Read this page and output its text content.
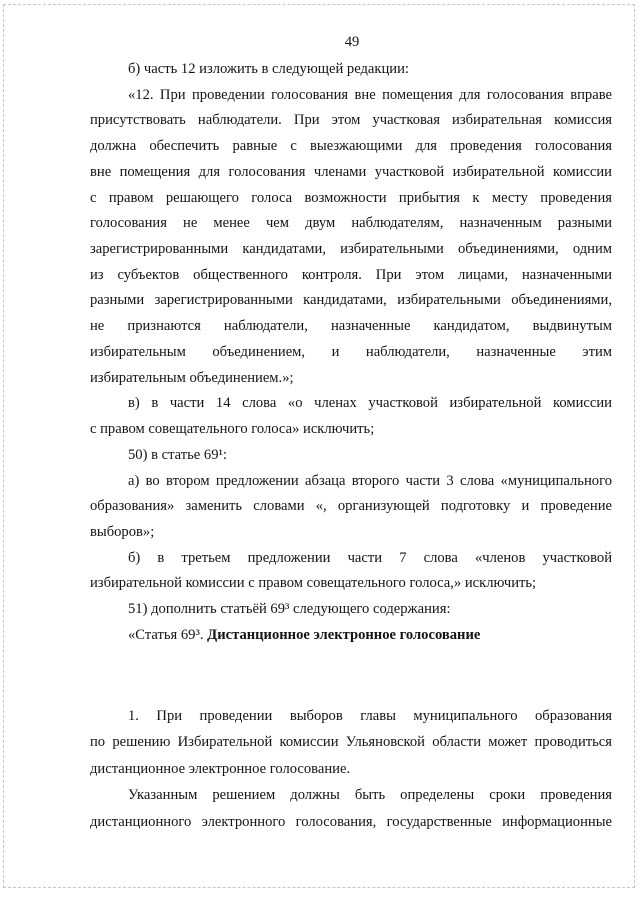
49
б) часть 12 изложить в следующей редакции:
«12. При проведении голосования вне помещения для голосования вправе
присутствовать наблюдатели. При этом участковая избирательная комиссия
должна обеспечить равные с выезжающими для проведения голосования
вне помещения для голосования членами участковой избирательной комиссии
с правом решающего голоса возможности прибытия к месту проведения
голосования не менее чем двум наблюдателям, назначенным разными
зарегистрированными кандидатами, избирательными объединениями, одним
из субъектов общественного контроля. При этом лицами, назначенными
разными зарегистрированными кандидатами, избирательными объединениями,
не признаются наблюдатели, назначенные кандидатом, выдвинутым
избирательным объединением, и наблюдатели, назначенные этим
избирательным объединением.»;
в) в части 14 слова «о членах участковой избирательной комиссии
с правом совещательного голоса» исключить;
50) в статье 69¹:
а) во втором предложении абзаца второго части 3 слова «муниципального
образования» заменить словами «, организующей подготовку и проведение
выборов»;
б) в третьем предложении части 7 слова «членов участковой
избирательной комиссии с правом совещательного голоса,» исключить;
51) дополнить статьёй 69³ следующего содержания:
«Статья 69³. Дистанционное электронное голосование
1. При проведении выборов главы муниципального образования
по решению Избирательной комиссии Ульяновской области может проводиться
дистанционное электронное голосование.
Указанным решением должны быть определены сроки проведения
дистанционного электронного голосования, государственные информационные
